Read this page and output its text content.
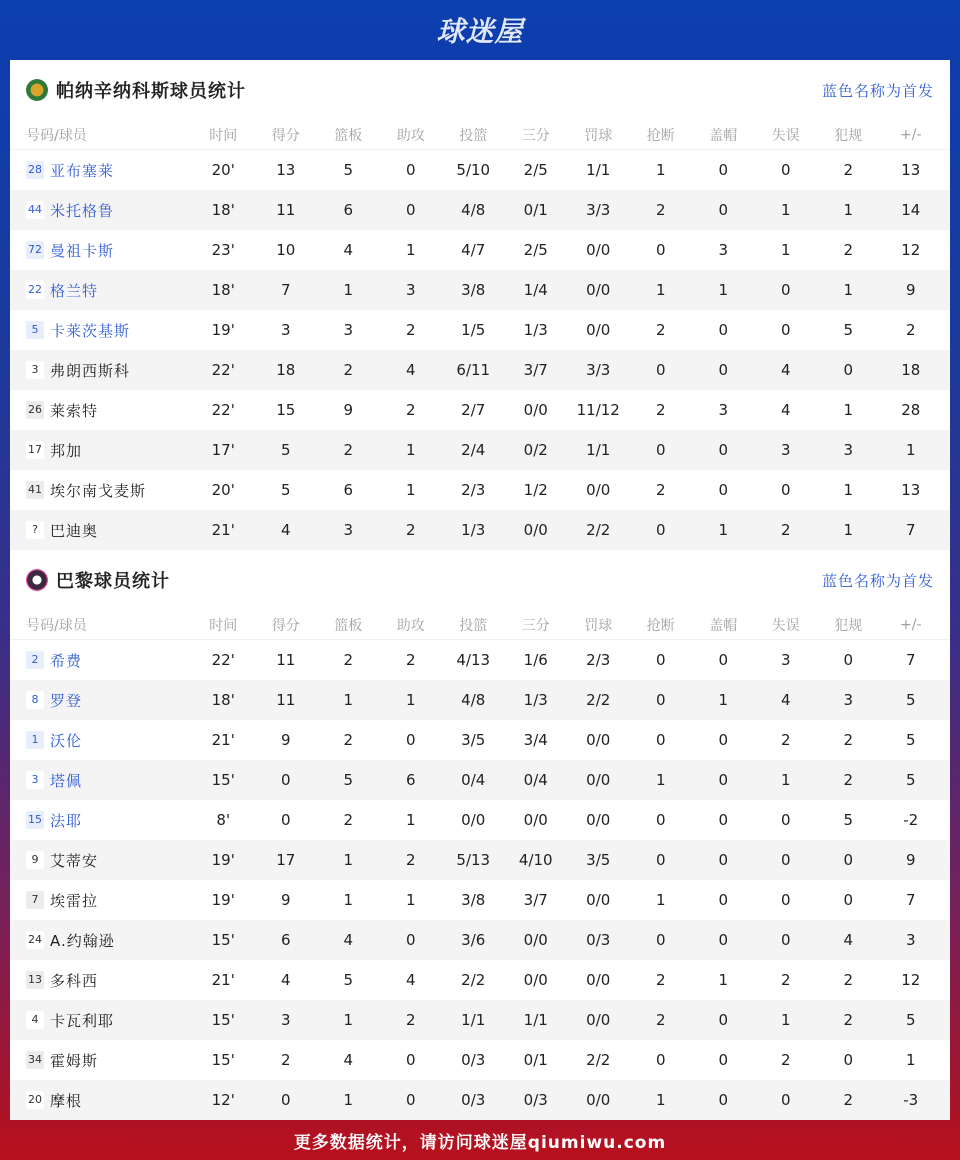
球迷屋
帕纳辛纳科斯球员统计	蓝色名称为首发
号码/球员	时间	得分	篮板	助攻	投篮	三分	罚球	抢断	盖帽	失误	犯规	+/-
28 亚布塞莱	20'	13	5	0	5/10	2/5	1/1	1	0	0	2	13
44 米托格鲁	18'	11	6	0	4/8	0/1	3/3	2	0	1	1	14
72 曼祖卡斯	23'	10	4	1	4/7	2/5	0/0	0	3	1	2	12
22 格兰特	18'	7	1	3	3/8	1/4	0/0	1	1	0	1	9
5 卡莱茨基斯	19'	3	3	2	1/5	1/3	0/0	2	0	0	5	2
3 弗朗西斯科	22'	18	2	4	6/11	3/7	3/3	0	0	4	0	18
26 莱索特	22'	15	9	2	2/7	0/0	11/12	2	3	4	1	28
17 邦加	17'	5	2	1	2/4	0/2	1/1	0	0	3	3	1
41 埃尔南戈麦斯	20'	5	6	1	2/3	1/2	0/0	2	0	0	1	13
? 巴迪奥	21'	4	3	2	1/3	0/0	2/2	0	1	2	1	7
巴黎球员统计	蓝色名称为首发
号码/球员	时间	得分	篮板	助攻	投篮	三分	罚球	抢断	盖帽	失误	犯规	+/-
2 希费	22'	11	2	2	4/13	1/6	2/3	0	0	3	0	7
8 罗登	18'	11	1	1	4/8	1/3	2/2	0	1	4	3	5
1 沃伦	21'	9	2	0	3/5	3/4	0/0	0	0	2	2	5
3 塔佩	15'	0	5	6	0/4	0/4	0/0	1	0	1	2	5
15 法耶	8'	0	2	1	0/0	0/0	0/0	0	0	0	5	-2
9 艾蒂安	19'	17	1	2	5/13	4/10	3/5	0	0	0	0	9
7 埃雷拉	19'	9	1	1	3/8	3/7	0/0	1	0	0	0	7
24 A.约翰逊	15'	6	4	0	3/6	0/0	0/3	0	0	0	4	3
13 多科西	21'	4	5	4	2/2	0/0	0/0	2	1	2	2	12
4 卡瓦利耶	15'	3	1	2	1/1	1/1	0/0	2	0	1	2	5
34 霍姆斯	15'	2	4	0	0/3	0/1	2/2	0	0	2	0	1
20 摩根	12'	0	1	0	0/3	0/3	0/0	1	0	0	2	-3
更多数据统计，请访问球迷屋qiumiwu.com
